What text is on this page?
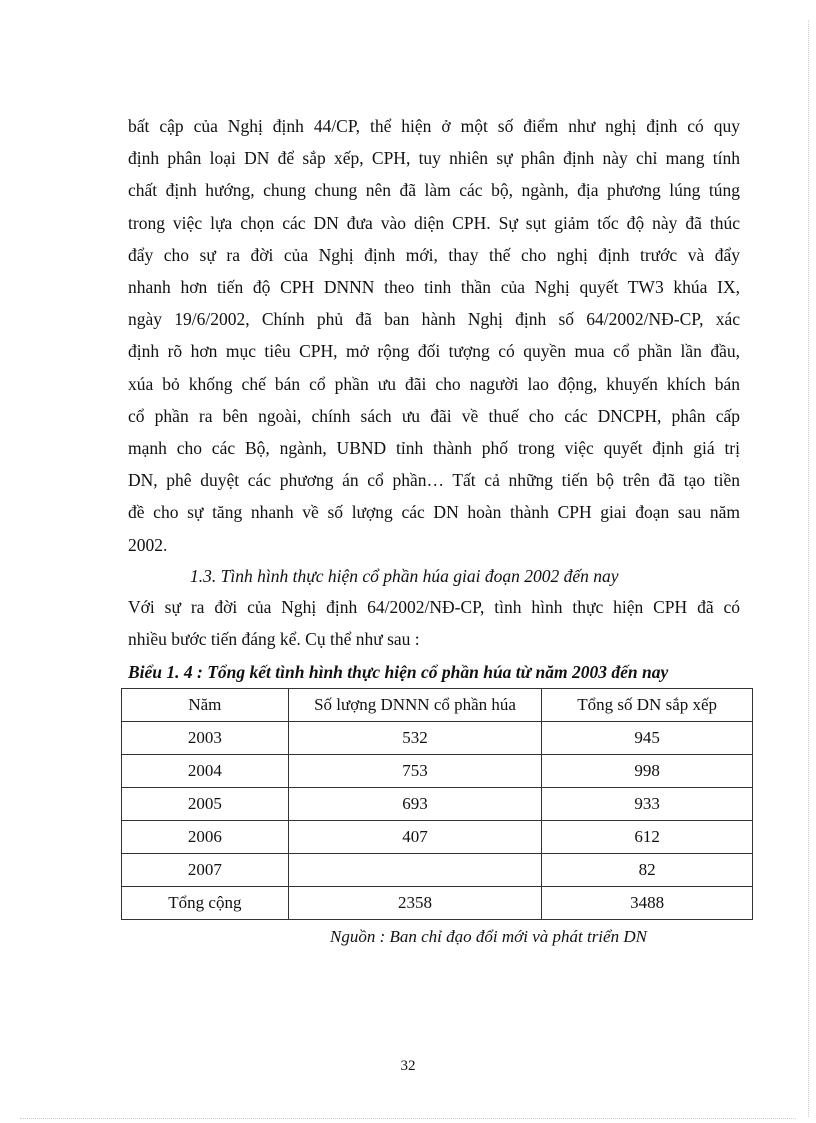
bất cập của Nghị định 44/CP, thể hiện ở một số điểm như nghị định có quy
định phân loại DN để sắp xếp, CPH, tuy nhiên sự phân định này chỉ mang tính
chất định hướng, chung chung nên đã làm các bộ, ngành, địa phương lúng túng
trong việc lựa chọn các DN đưa vào diện CPH. Sự sụt giảm tốc độ này đã thúc
đẩy cho sự ra đời của Nghị định mới, thay thế cho nghị định trước và đẩy
nhanh hơn tiến độ CPH DNNN theo tinh thần của Nghị quyết TW3 khúa IX,
ngày 19/6/2002, Chính phủ đã ban hành Nghị định số 64/2002/NĐ-CP, xác
định rõ hơn mục tiêu CPH, mở rộng đối tượng có quyền mua cổ phần lần đầu,
xúa bỏ khống chế bán cổ phần ưu đãi cho nagười lao động, khuyến khích bán
cổ phần ra bên ngoài, chính sách ưu đãi về thuế cho các DNCPH, phân cấp
mạnh cho các Bộ, ngành, UBND tỉnh thành phố trong việc quyết định giá trị
DN, phê duyệt các phương án cổ phần… Tất cả những tiến bộ trên đã tạo tiền
đề cho sự tăng nhanh về số lượng các DN hoàn thành CPH giai đoạn sau năm
2002.
1.3. Tình hình thực hiện cổ phần húa giai đoạn 2002 đến nay
Với sự ra đời của Nghị định 64/2002/NĐ-CP, tình hình thực hiện CPH đã có
nhiều bước tiến đáng kể. Cụ thể như sau :
Biểu 1. 4 : Tổng kết tình hình thực hiện cổ phần húa từ năm 2003 đến nay
Năm	Số lượng DNNN cổ phần húa	Tổng số DN sắp xếp
2003	532	945
2004	753	998
2005	693	933
2006	407	612
2007		82
Tổng cộng	2358	3488
Nguồn : Ban chỉ đạo đổi mới và phát triển DN
32
